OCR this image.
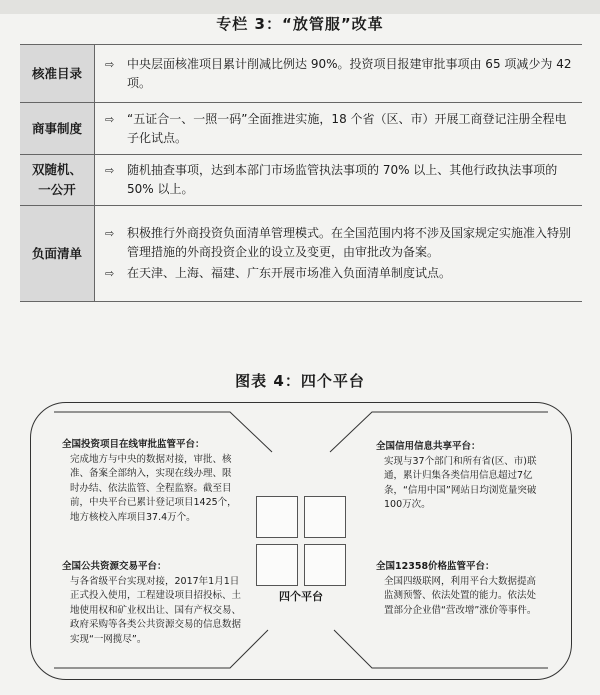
专栏 3：“放管服”改革
核准目录	⇨ 中央层面核准项目累计削减比例达 90%。投资项目报建审批事项由 65 项减少为 42 项。

商事制度	⇨ “五证合一、一照一码”全面推进实施，18 个省（区、市）开展工商登记注册全程电子化试点。

双随机、
一公开	⇨ 随机抽查事项，达到本部门市场监管执法事项的 70% 以上、其他行政执法事项的 50% 以上。

负面清单	⇨ 积极推行外商投资负面清单管理模式。在全国范围内将不涉及国家规定实施准入特别管理措施的外商投资企业的设立及变更，由审批改为备案。
⇨ 在天津、上海、福建、广东开展市场准入负面清单制度试点。
图表 4：四个平台
四个平台
全国投资项目在线审批监管平台：
完成地方与中央的数据对接，审批、核准、备案全部纳入，实现在线办理、限时办结、依法监管、全程监察。截至目前，中央平台已累计登记项目1425个，地方核校入库项目37.4万个。
全国信用信息共享平台：
实现与37个部门和所有省(区、市)联通，累计归集各类信用信息超过7亿条，“信用中国”网站日均浏览量突破100万次。
全国公共资源交易平台：
与各省级平台实现对接，2017年1月1日正式投入使用，工程建设项目招投标、土地使用权和矿业权出让、国有产权交易、政府采购等各类公共资源交易的信息数据实现“一网揽尽”。
全国12358价格监管平台：
全国四级联网，利用平台大数据提高监测预警、依法处置的能力。依法处置部分企业借“营改增”涨价等事件。
